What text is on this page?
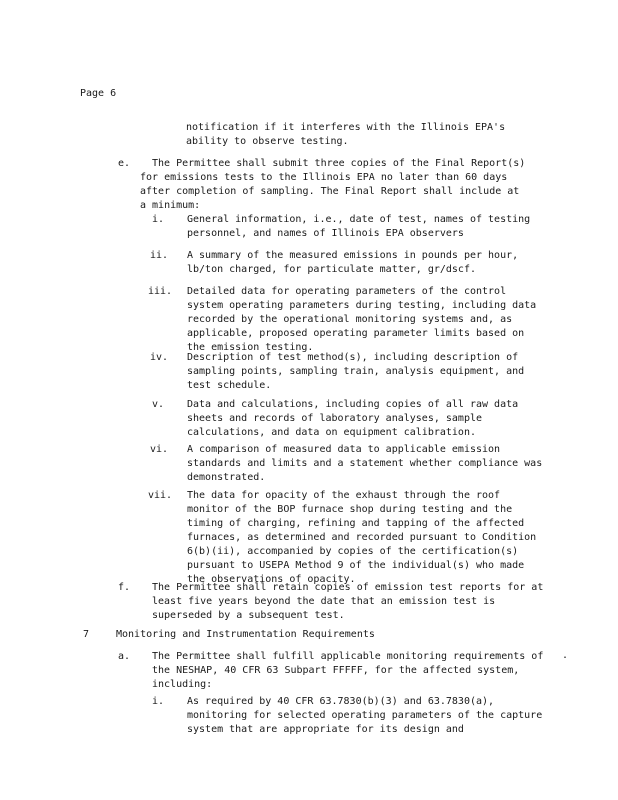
Page 6
notification if it interferes with the Illinois EPA's
ability to observe testing.
e. The Permittee shall submit three copies of the Final Report(s)
for emissions tests to the Illinois EPA no later than 60 days
after completion of sampling. The Final Report shall include at
a minimum:
i. General information, i.e., date of test, names of testing
personnel, and names of Illinois EPA observers
ii. A summary of the measured emissions in pounds per hour,
lb/ton charged, for particulate matter, gr/dscf.
iii. Detailed data for operating parameters of the control
system operating parameters during testing, including data
recorded by the operational monitoring systems and, as
applicable, proposed operating parameter limits based on
the emission testing.
iv. Description of test method(s), including description of
sampling points, sampling train, analysis equipment, and
test schedule.
v. Data and calculations, including copies of all raw data
sheets and records of laboratory analyses, sample
calculations, and data on equipment calibration.
vi. A comparison of measured data to applicable emission
standards and limits and a statement whether compliance was
demonstrated.
vii. The data for opacity of the exhaust through the roof
monitor of the BOP furnace shop during testing and the
timing of charging, refining and tapping of the affected
furnaces, as determined and recorded pursuant to Condition
6(b)(ii), accompanied by copies of the certification(s)
pursuant to USEPA Method 9 of the individual(s) who made
the observations of opacity.
f. The Permittee shall retain copies of emission test reports for at
least five years beyond the date that an emission test is
superseded by a subsequent test.
7	Monitoring and Instrumentation Requirements
a. The Permittee shall fulfill applicable monitoring requirements of
the NESHAP, 40 CFR 63 Subpart FFFFF, for the affected system,
including:
.
i. As required by 40 CFR 63.7830(b)(3) and 63.7830(a),
monitoring for selected operating parameters of the capture
system that are appropriate for its design and
